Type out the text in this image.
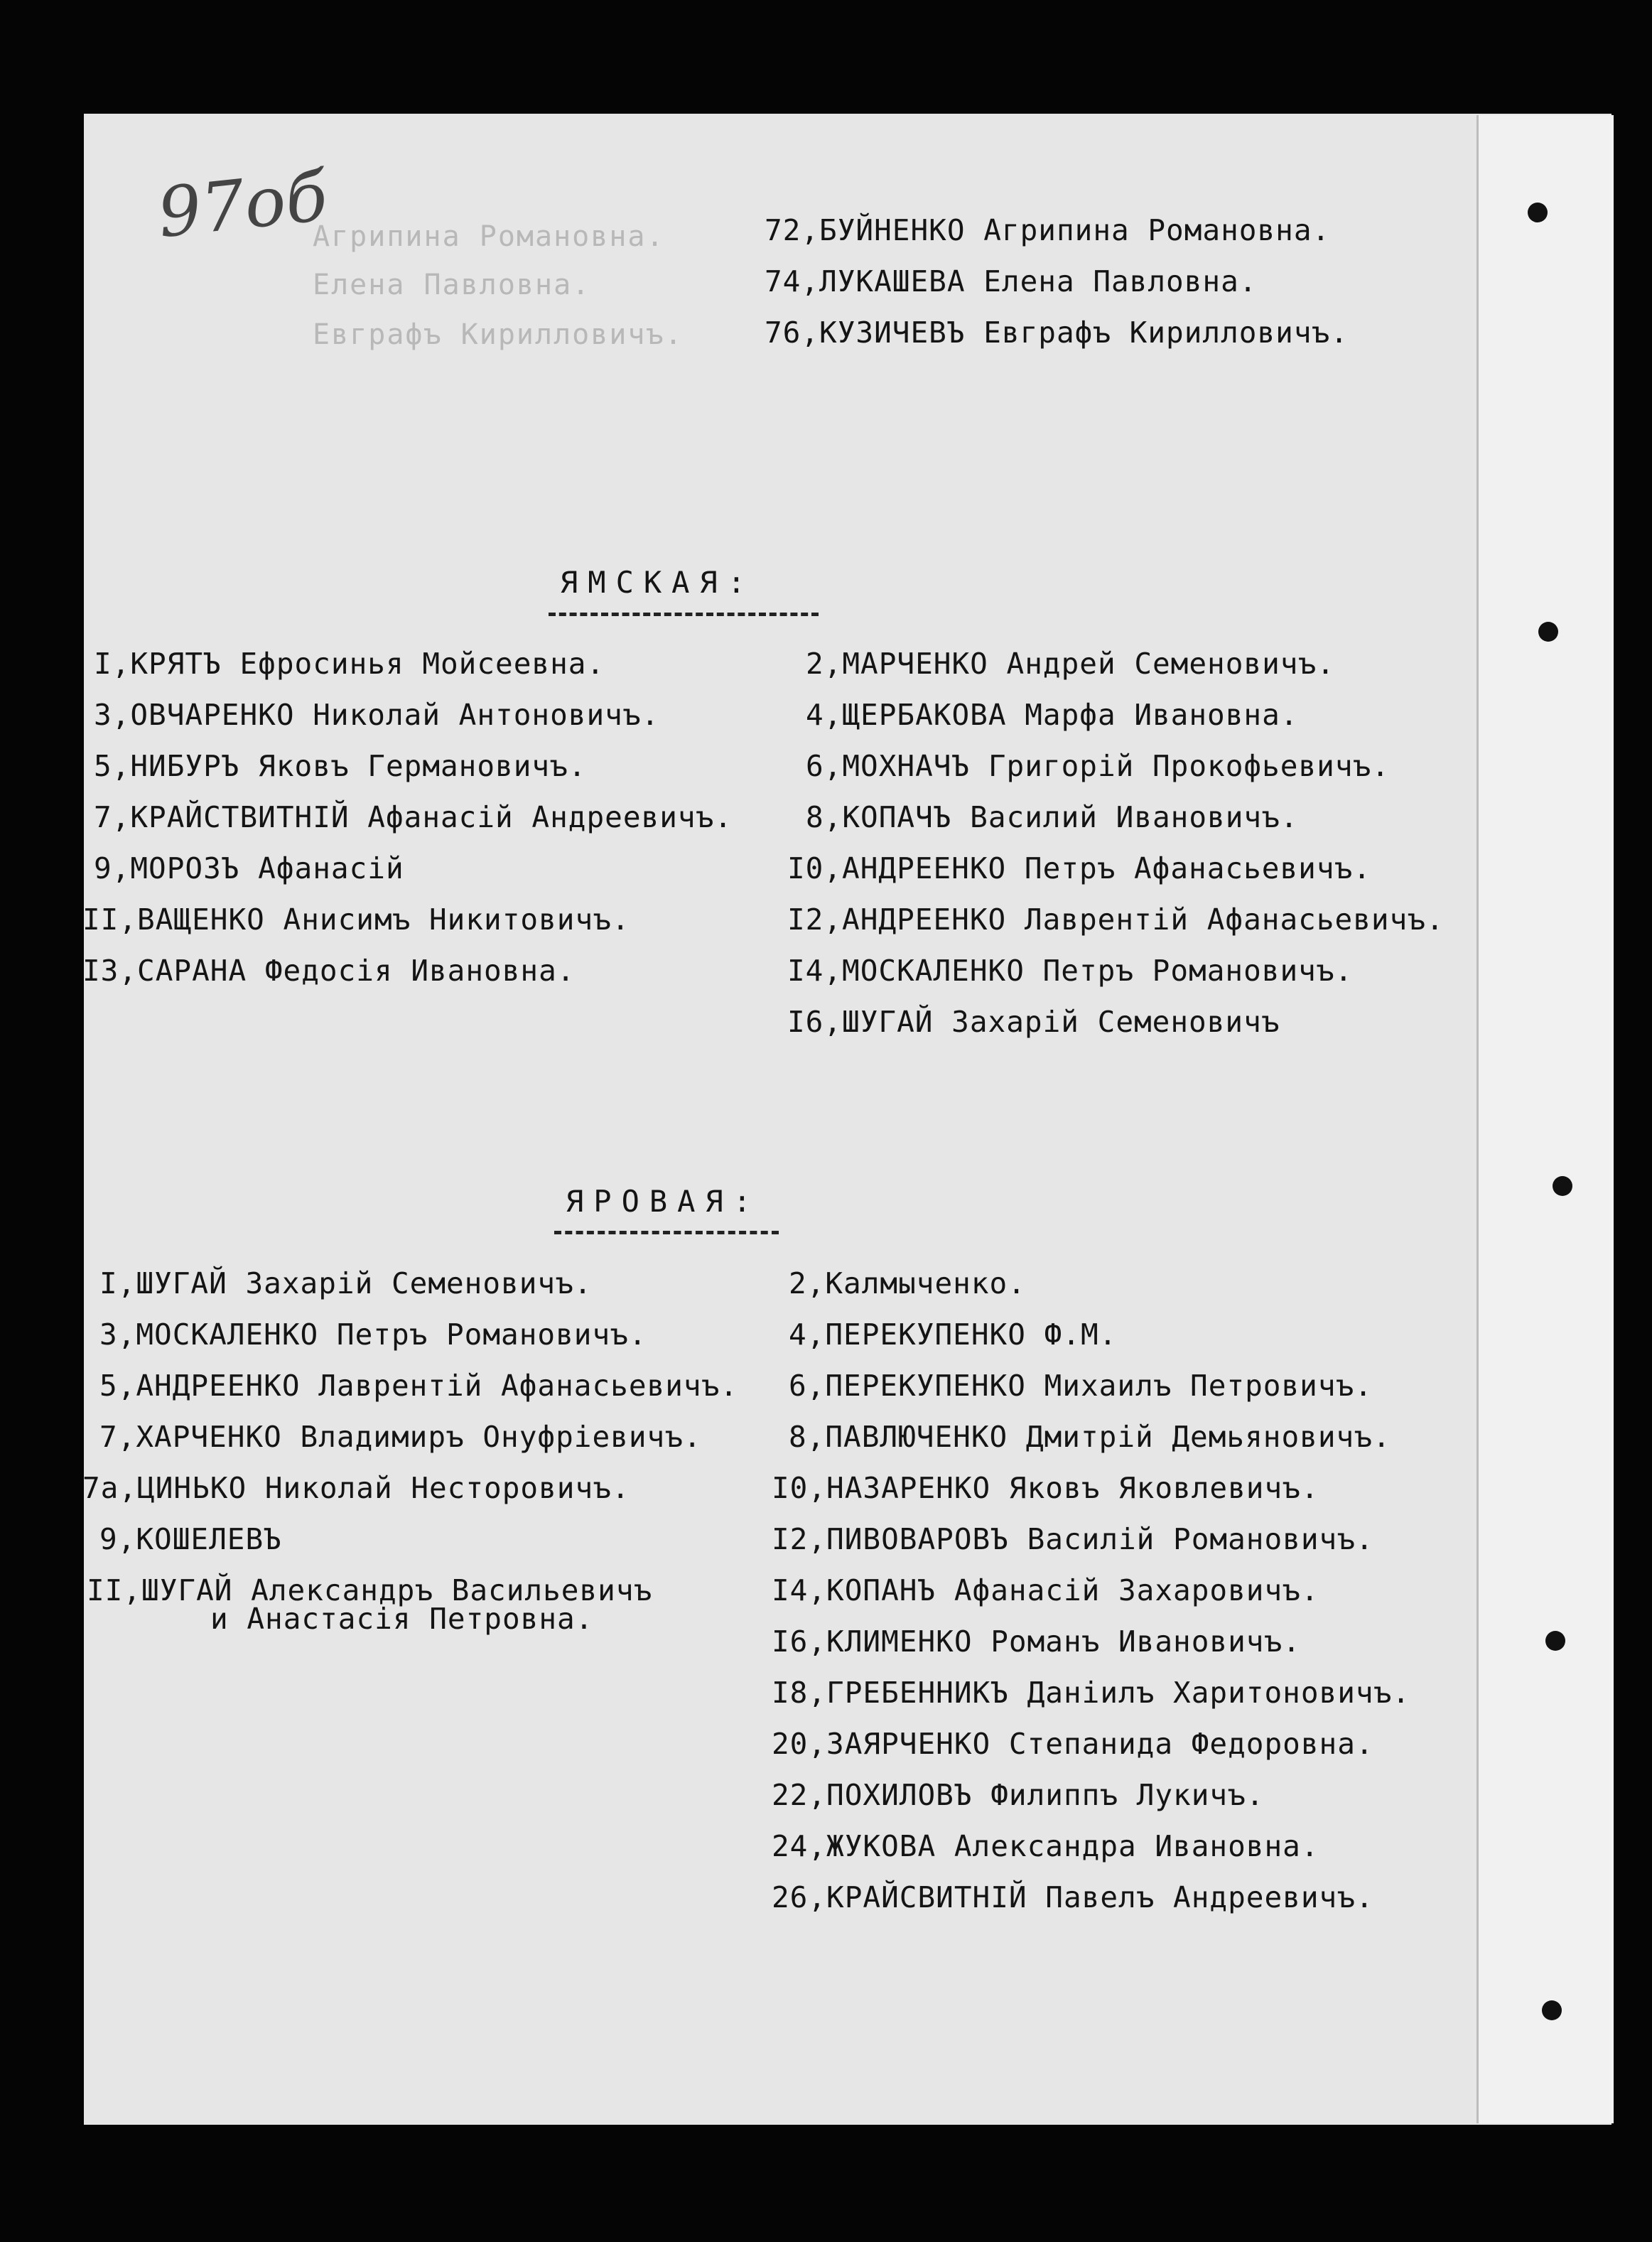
97об
Агрипина Романовна.
Елена Павловна.
Евграфъ Кирилловичъ.
72,БУЙНЕНКО Агрипина Романовна.
74,ЛУКАШЕВА Елена Павловна.
76,КУЗИЧЕВЪ Евграфъ Кирилловичъ.
ЯМСКАЯ:
I,КРЯТЪ Ефросинья Мойсеевна.
3,ОВЧАРЕНКО Николай Антоновичъ.
5,НИБУРЪ Яковъ Германовичъ.
7,КРАЙСТВИТНІЙ Афанасій Андреевичъ.
9,МОРОЗЪ Афанасій
II,ВАЩЕНКО Анисимъ Никитовичъ.
I3,САРАНА Федосія Ивановна.
2,МАРЧЕНКО Андрей Семеновичъ.
4,ЩЕРБАКОВА Марфа Ивановна.
6,МОХНАЧЪ Григорій Прокофьевичъ.
8,КОПАЧЪ Василий Ивановичъ.
I0,АНДРЕЕНКО Петръ Афанасьевичъ.
I2,АНДРЕЕНКО Лаврентій Афанасьевичъ.
I4,МОСКАЛЕНКО Петръ Романовичъ.
I6,ШУГАЙ Захарій Семеновичъ
ЯРОВАЯ:
I,ШУГАЙ Захарій Семеновичъ.
3,МОСКАЛЕНКО Петръ Романовичъ.
5,АНДРЕЕНКО Лаврентій Афанасьевичъ.
7,ХАРЧЕНКО Владимиръ Онуфріевичъ.
7а,ЦИНЬКО Николай Несторовичъ.
9,КОШЕЛЕВЪ
II,ШУГАЙ Александръ Васильевичъ
и Анастасія Петровна.
2,Калмыченко.
4,ПЕРЕКУПЕНКО Ф.М.
6,ПЕРЕКУПЕНКО Михаилъ Петровичъ.
8,ПАВЛЮЧЕНКО Дмитрій Демьяновичъ.
I0,НАЗАРЕНКО Яковъ Яковлевичъ.
I2,ПИВОВАРОВЪ Василій Романовичъ.
I4,КОПАНЪ Афанасій Захаровичъ.
I6,КЛИМЕНКО Романъ Ивановичъ.
I8,ГРЕБЕННИКЪ Даніилъ Харитоновичъ.
20,ЗАЯРЧЕНКО Степанида Федоровна.
22,ПОХИЛОВЪ Филиппъ Лукичъ.
24,ЖУКОВА Александра Ивановна.
26,КРАЙСВИТНІЙ Павелъ Андреевичъ.
